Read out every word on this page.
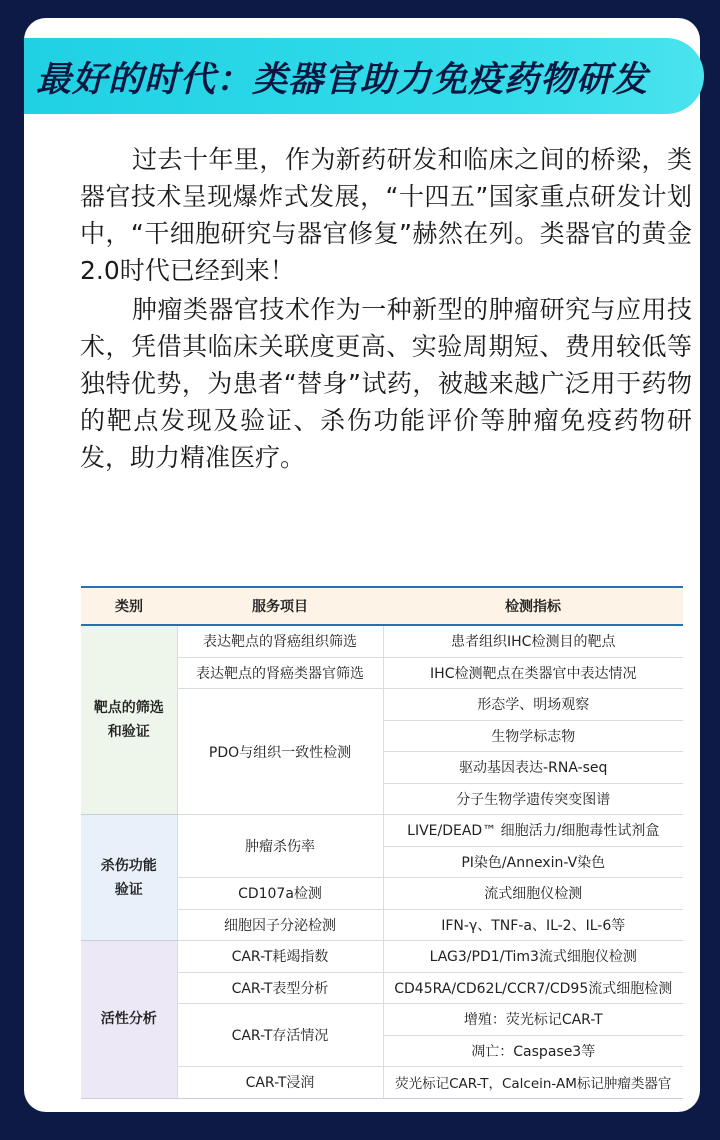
最好的时代：类器官助力免疫药物研发

过去十年里，作为新药研发和临床之间的桥梁，类器官技术呈现爆炸式发展，“十四五”国家重点研发计划中，“干细胞研究与器官修复”赫然在列。类器官的黄金2.0时代已经到来！

肿瘤类器官技术作为一种新型的肿瘤研究与应用技术，凭借其临床关联度更高、实验周期短、费用较低等独特优势，为患者“替身”试药，被越来越广泛用于药物的靶点发现及验证、杀伤功能评价等肿瘤免疫药物研发，助力精准医疗。

类别	服务项目	检测指标

靶点的筛选和验证	表达靶点的肾癌组织筛选	患者组织IHC检测目的靶点
	表达靶点的肾癌类器官筛选	IHC检测靶点在类器官中表达情况
	PDO与组织一致性检测	形态学、明场观察
		生物学标志物
		驱动基因表达-RNA-seq
		分子生物学遗传突变图谱

杀伤功能验证	肿瘤杀伤率	LIVE/DEAD™ 细胞活力/细胞毒性试剂盒
		PI染色/Annexin-V染色
	CD107a检测	流式细胞仪检测
	细胞因子分泌检测	IFN-γ、TNF-a、IL-2、IL-6等
活性分析	CAR-T耗竭指数	LAG3/PD1/Tim3流式细胞仪检测
	CAR-T表型分析	CD45RA/CD62L/CCR7/CD95流式细胞检测
	CAR-T存活情况	增殖：荧光标记CAR-T
		凋亡：Caspase3等
	CAR-T浸润	荧光标记CAR-T，Calcein-AM标记肿瘤类器官
